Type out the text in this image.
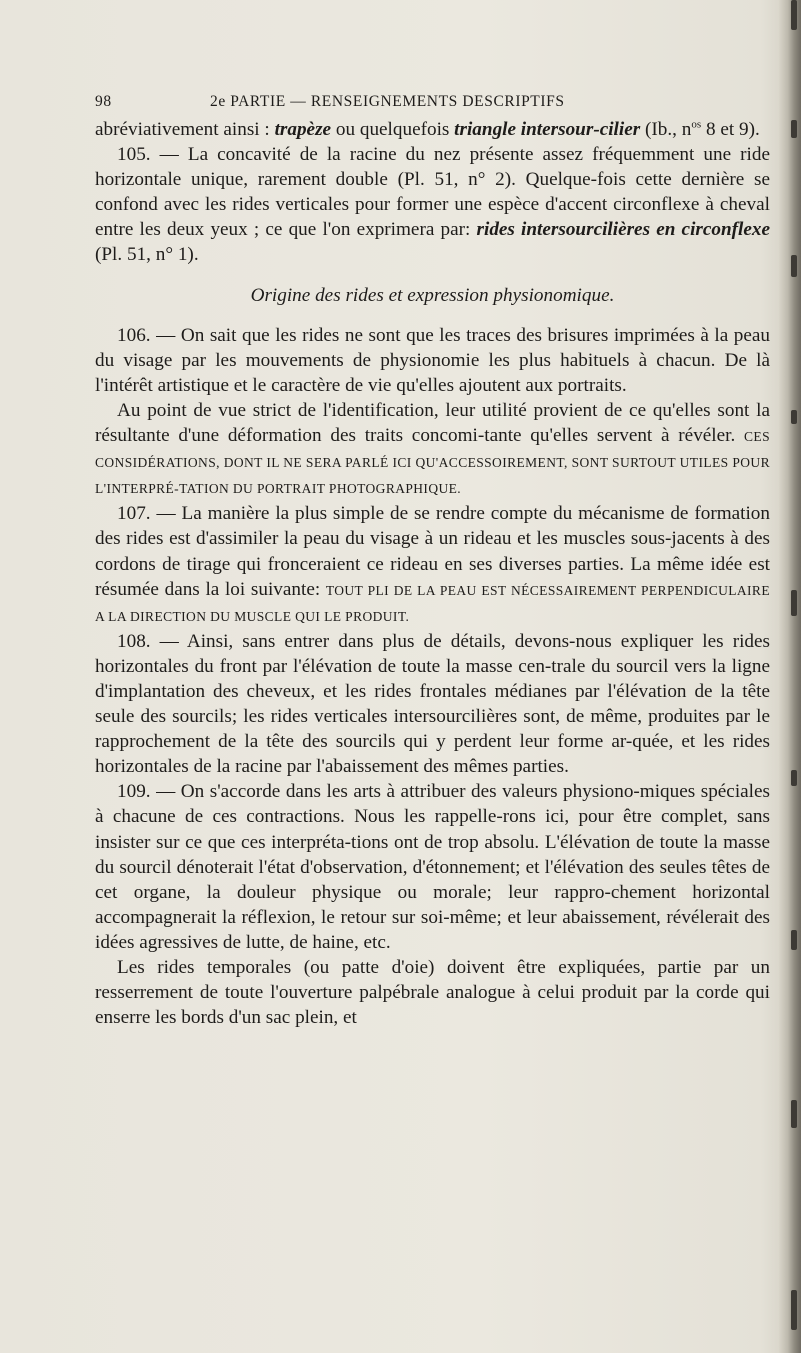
98	2e PARTIE — RENSEIGNEMENTS DESCRIPTIFS

abréviativement ainsi : trapèze ou quelquefois triangle intersour-cilier (Ib., $n^{os}$ 8 et 9).

105. — La concavité de la racine du nez présente assez fréquemment une ride horizontale unique, rarement double (Pl. 51, n° 2). Quelque-fois cette dernière se confond avec les rides verticales pour former une espèce d'accent circonflexe à cheval entre les deux yeux ; ce que l'on exprimera par: rides intersourcilières en circonflexe (Pl. 51, n° 1).

Origine des rides et expression physionomique.

106. — On sait que les rides ne sont que les traces des brisures imprimées à la peau du visage par les mouvements de physionomie les plus habituels à chacun. De là l'intérêt artistique et le caractère de vie qu'elles ajoutent aux portraits.

Au point de vue strict de l'identification, leur utilité provient de ce qu'elles sont la résultante d'une déformation des traits concomi-tante qu'elles servent à révéler. CES CONSIDÉRATIONS, DONT IL NE SERA PARLÉ ICI QU'ACCESSOIREMENT, SONT SURTOUT UTILES POUR L'INTERPRÉ-TATION DU PORTRAIT PHOTOGRAPHIQUE.

107. — La manière la plus simple de se rendre compte du mécanisme de formation des rides est d'assimiler la peau du visage à un rideau et les muscles sous-jacents à des cordons de tirage qui fronceraient ce rideau en ses diverses parties. La même idée est résumée dans la loi suivante: TOUT PLI DE LA PEAU EST NÉCESSAIREMENT PERPENDICULAIRE A LA DIRECTION DU MUSCLE QUI LE PRODUIT.

108. — Ainsi, sans entrer dans plus de détails, devons-nous expliquer les rides horizontales du front par l'élévation de toute la masse cen-trale du sourcil vers la ligne d'implantation des cheveux, et les rides frontales médianes par l'élévation de la tête seule des sourcils; les rides verticales intersourcilières sont, de même, produites par le rapprochement de la tête des sourcils qui y perdent leur forme ar-quée, et les rides horizontales de la racine par l'abaissement des mêmes parties.

109. — On s'accorde dans les arts à attribuer des valeurs physiono-miques spéciales à chacune de ces contractions. Nous les rappelle-rons ici, pour être complet, sans insister sur ce que ces interpréta-tions ont de trop absolu. L'élévation de toute la masse du sourcil dénoterait l'état d'observation, d'étonnement; et l'élévation des seules têtes de cet organe, la douleur physique ou morale; leur rappro-chement horizontal accompagnerait la réflexion, le retour sur soi-même; et leur abaissement, révélerait des idées agressives de lutte, de haine, etc.

Les rides temporales (ou patte d'oie) doivent être expliquées, partie par un resserrement de toute l'ouverture palpébrale analogue à celui produit par la corde qui enserre les bords d'un sac plein, et
